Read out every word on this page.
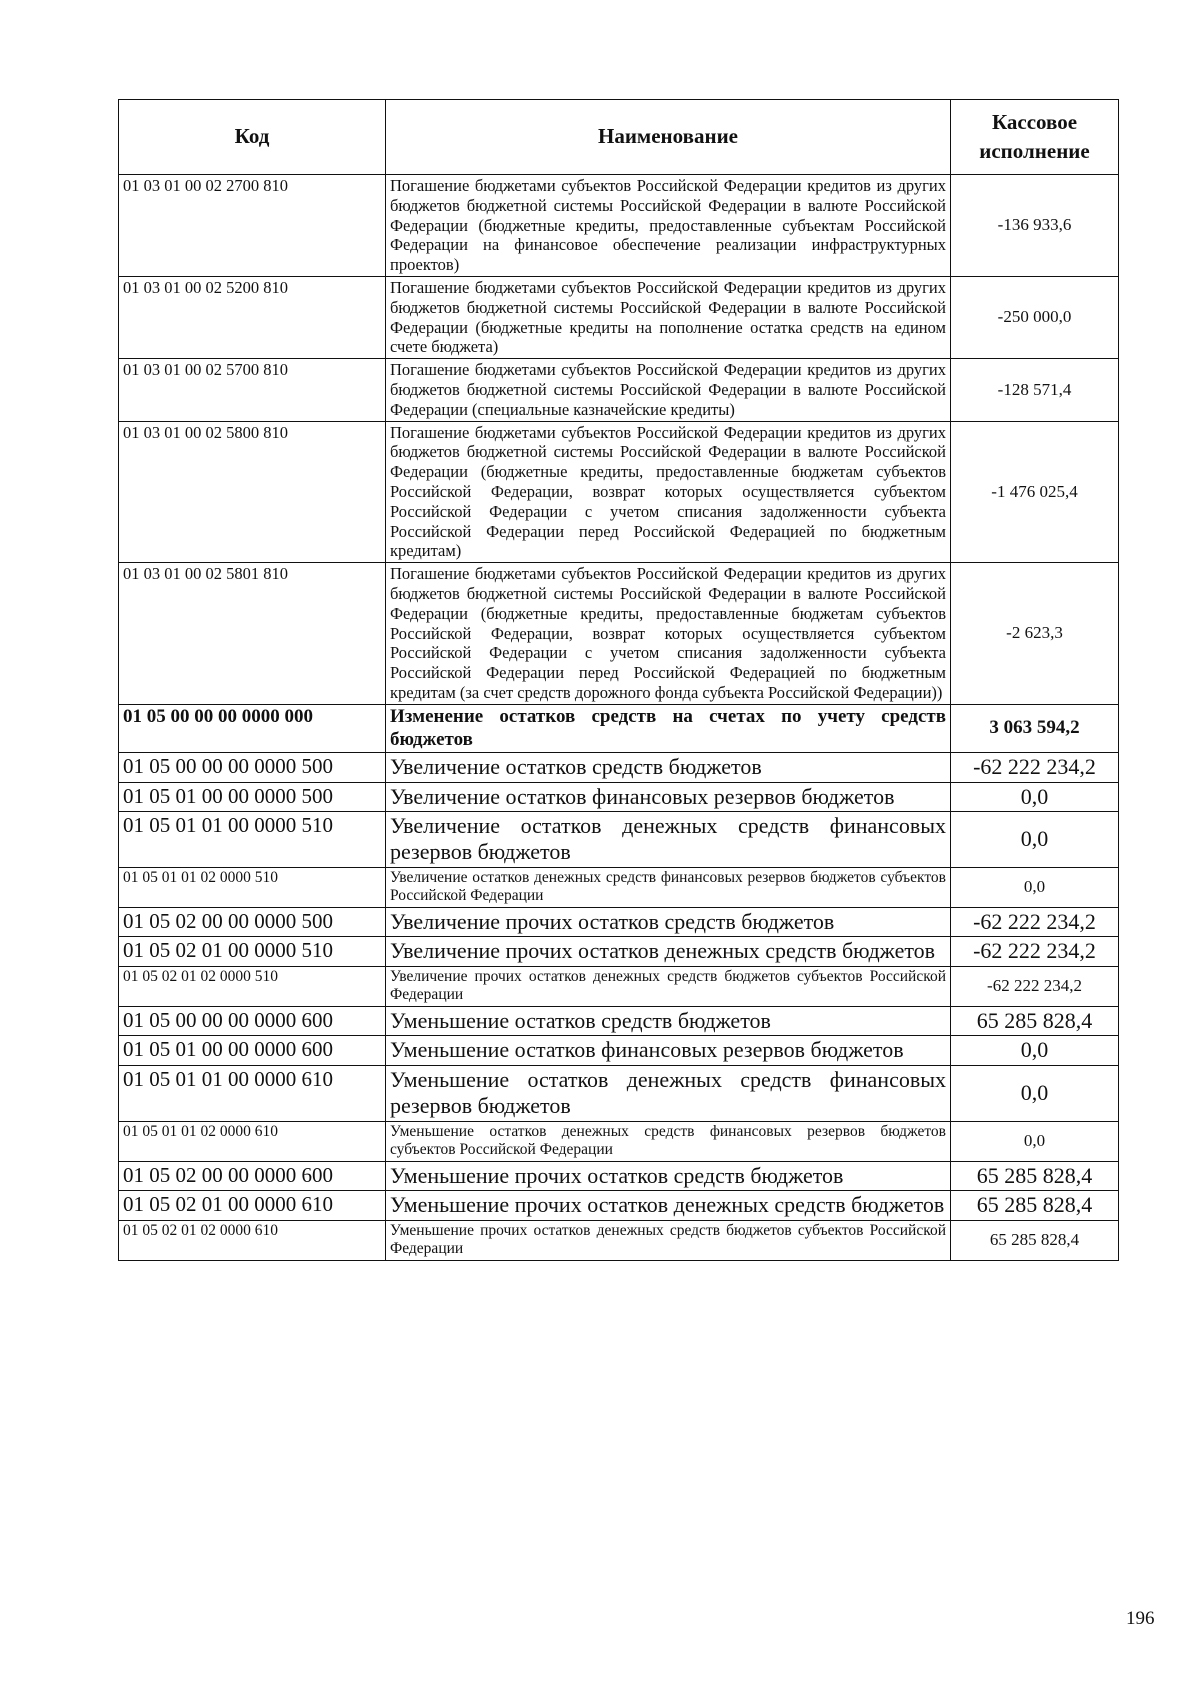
Код	Наименование	Кассовое
исполнение
01 03 01 00 02 2700 810	Погашение бюджетами субъектов Российской Федерации кредитов из других бюджетов бюджетной системы Российской Федерации в валюте Российской Федерации (бюджетные кредиты, предоставленные субъектам Российской Федерации на финансовое обеспечение реализации инфраструктурных проектов)	-136 933,6
01 03 01 00 02 5200 810	Погашение бюджетами субъектов Российской Федерации кредитов из других бюджетов бюджетной системы Российской Федерации в валюте Российской Федерации (бюджетные кредиты на пополнение остатка средств на едином счете бюджета)	-250 000,0
01 03 01 00 02 5700 810	Погашение бюджетами субъектов Российской Федерации кредитов из других бюджетов бюджетной системы Российской Федерации в валюте Российской Федерации (специальные казначейские кредиты)	-128 571,4
01 03 01 00 02 5800 810	Погашение бюджетами субъектов Российской Федерации кредитов из других бюджетов бюджетной системы Российской Федерации в валюте Российской Федерации (бюджетные кредиты, предоставленные бюджетам субъектов Российской Федерации, возврат которых осуществляется субъектом Российской Федерации с учетом списания задолженности субъекта Российской Федерации перед Российской Федерацией по бюджетным кредитам)	-1 476 025,4
01 03 01 00 02 5801 810	Погашение бюджетами субъектов Российской Федерации кредитов из других бюджетов бюджетной системы Российской Федерации в валюте Российской Федерации (бюджетные кредиты, предоставленные бюджетам субъектов Российской Федерации, возврат которых осуществляется субъектом Российской Федерации с учетом списания задолженности субъекта Российской Федерации перед Российской Федерацией по бюджетным кредитам (за счет средств дорожного фонда субъекта Российской Федерации))	-2 623,3
01 05 00 00 00 0000 000	Изменение остатков средств на счетах по учету средств бюджетов	3 063 594,2
01 05 00 00 00 0000 500	Увеличение остатков средств бюджетов	-62 222 234,2
01 05 01 00 00 0000 500	Увеличение остатков финансовых резервов бюджетов	0,0
01 05 01 01 00 0000 510	Увеличение остатков денежных средств финансовых резервов бюджетов	0,0
01 05 01 01 02 0000 510	Увеличение остатков денежных средств финансовых резервов бюджетов субъектов Российской Федерации	0,0
01 05 02 00 00 0000 500	Увеличение прочих остатков средств бюджетов	-62 222 234,2
01 05 02 01 00 0000 510	Увеличение прочих остатков денежных средств бюджетов	-62 222 234,2
01 05 02 01 02 0000 510	Увеличение прочих остатков денежных средств бюджетов субъектов Российской Федерации	-62 222 234,2
01 05 00 00 00 0000 600	Уменьшение остатков средств бюджетов	65 285 828,4
01 05 01 00 00 0000 600	Уменьшение остатков финансовых резервов бюджетов	0,0
01 05 01 01 00 0000 610	Уменьшение остатков денежных средств финансовых резервов бюджетов	0,0
01 05 01 01 02 0000 610	Уменьшение остатков денежных средств финансовых резервов бюджетов субъектов Российской Федерации	0,0
01 05 02 00 00 0000 600	Уменьшение прочих остатков средств бюджетов	65 285 828,4
01 05 02 01 00 0000 610	Уменьшение прочих остатков денежных средств бюджетов	65 285 828,4
01 05 02 01 02 0000 610	Уменьшение прочих остатков денежных средств бюджетов субъектов Российской Федерации	65 285 828,4
196
